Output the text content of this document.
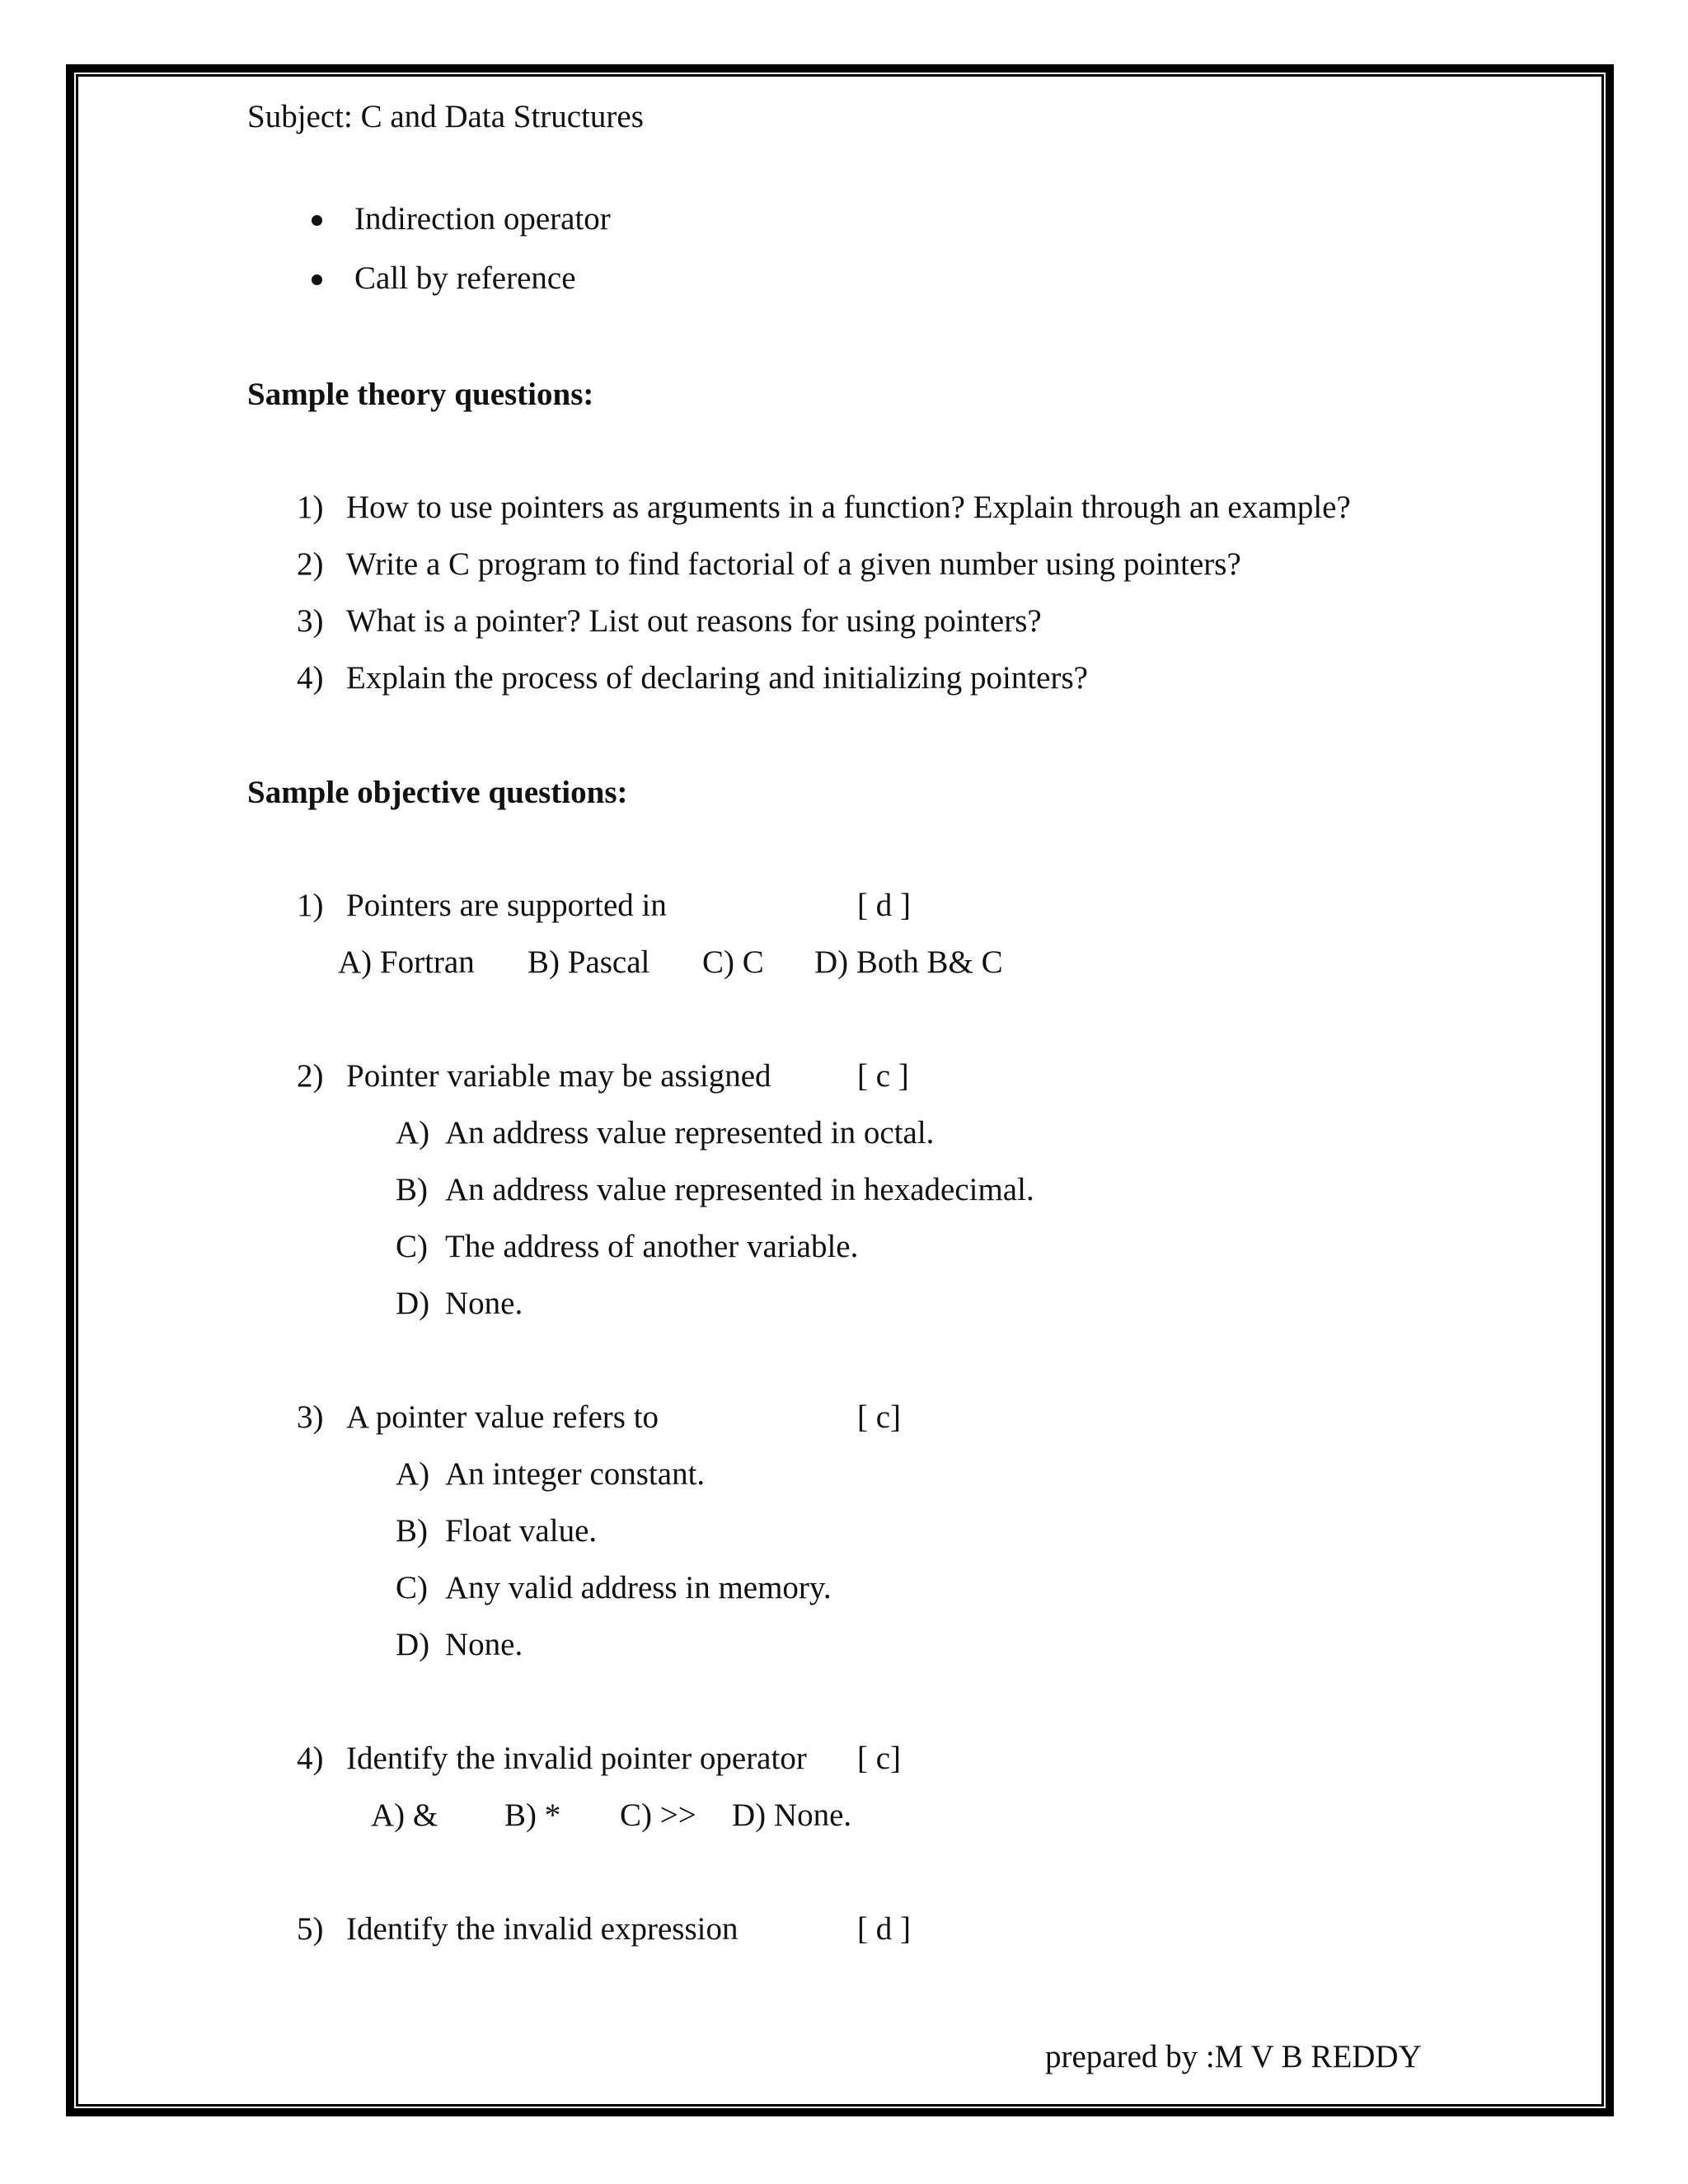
Subject: C and Data Structures
Indirection operator
Call by reference
Sample theory questions:
1) How to use pointers as arguments in a function? Explain through an example?
2) Write a C program to find factorial of a given number using pointers?
3) What is a pointer? List out reasons for using pointers?
4) Explain the process of declaring and initializing pointers?
Sample objective questions:
1) Pointers are supported in	[ d ]
A) Fortran B) Pascal C) C D) Both B& C
2) Pointer variable may be assigned	[ c ]
A) An address value represented in octal.
B) An address value represented in hexadecimal.
C) The address of another variable.
D) None.
3) A pointer value refers to	[ c]
A) An integer constant.
B) Float value.
C) Any valid address in memory.
D) None.
4) Identify the invalid pointer operator [ c]
A) & B) * C) >> D) None.
5) Identify the invalid expression	[ d ]
prepared by :M V B REDDY
